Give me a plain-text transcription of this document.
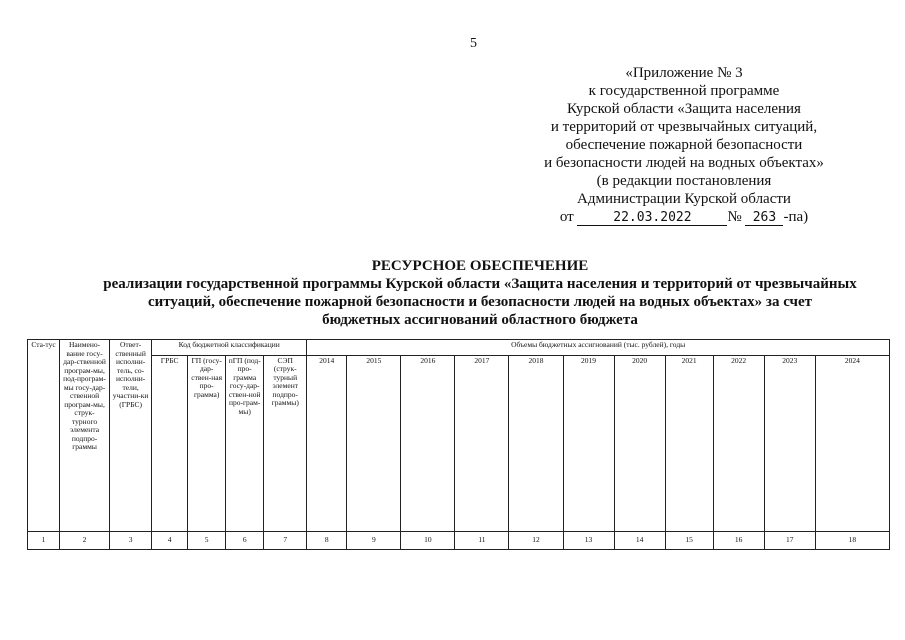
5
«Приложение № 3
к государственной программе
Курской области «Защита населения
и территорий от чрезвычайных ситуаций,
обеспечение пожарной безопасности
и безопасности людей на водных объектах»
(в редакции постановления
Администрации Курской области
от	22.03.2022 № 263 -па)
РЕСУРСНОЕ ОБЕСПЕЧЕНИЕ
реализации государственной программы Курской области «Защита населения и территорий от чрезвычайных
ситуаций, обеспечение пожарной безопасности и безопасности людей на водных объектах» за счет
бюджетных ассигнований областного бюджета
Ста-тус	Наимено-вание госу-дар-ственной програм-мы, под-програм-мы госу-дар-ственной програм-мы, струк-турного элемента подпро-граммы	Ответ-ственный исполни-тель, со-исполни-тели, участни-ки (ГРБС)	Код бюджетной классификации				Объемы бюджетных ассигнований (тыс. рублей), годы										
			ГРБС	ГП (госу-дар-ствен-ная про-грамма)	пГП (под-про-грамма госу-дар-ствен-ной про-грам-мы)	СЭП (струк-турный элемент подпро-граммы)	2014	2015	2016	2017	2018	2019	2020	2021	2022	2023	2024
1	2	3	4	5	6	7	8	9	10	11	12	13	14	15	16	17	18
